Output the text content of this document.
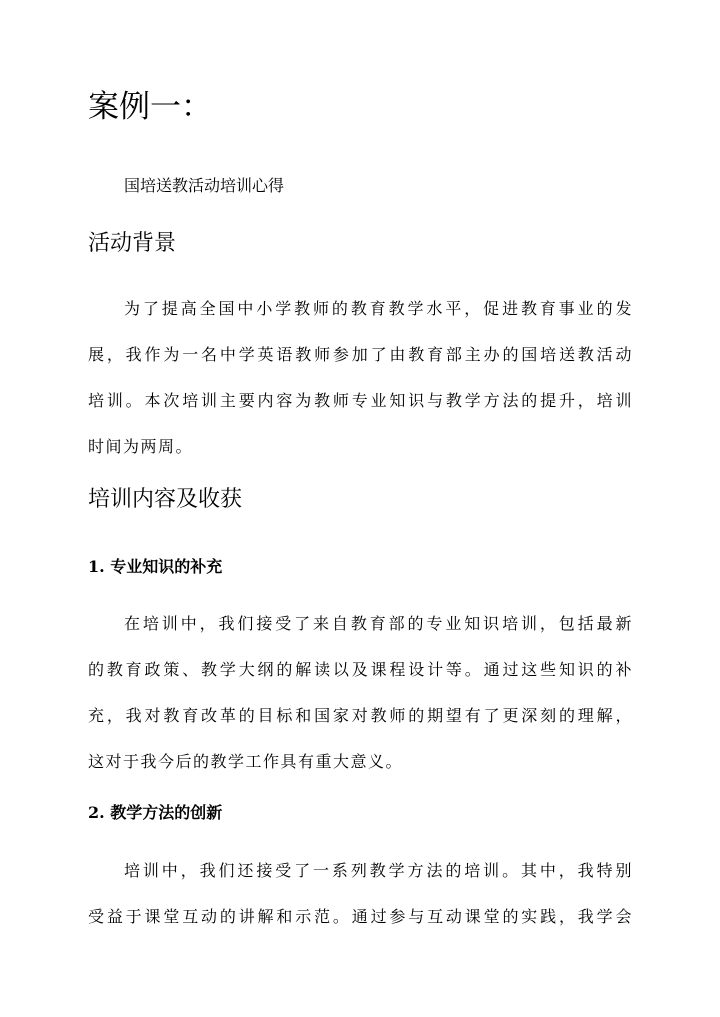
案例一：

国培送教活动培训心得

活动背景
为了提高全国中小学教师的教育教学水平，促进教育事业的发
展，我作为一名中学英语教师参加了由教育部主办的国培送教活动
培训。本次培训主要内容为教师专业知识与教学方法的提升，培训
时间为两周。
培训内容及收获
1. 专业知识的补充
在培训中，我们接受了来自教育部的专业知识培训，包括最新
的教育政策、教学大纲的解读以及课程设计等。通过这些知识的补
充，我对教育改革的目标和国家对教师的期望有了更深刻的理解，
这对于我今后的教学工作具有重大意义。
2. 教学方法的创新
培训中，我们还接受了一系列教学方法的培训。其中，我特别
受益于课堂互动的讲解和示范。通过参与互动课堂的实践，我学会
